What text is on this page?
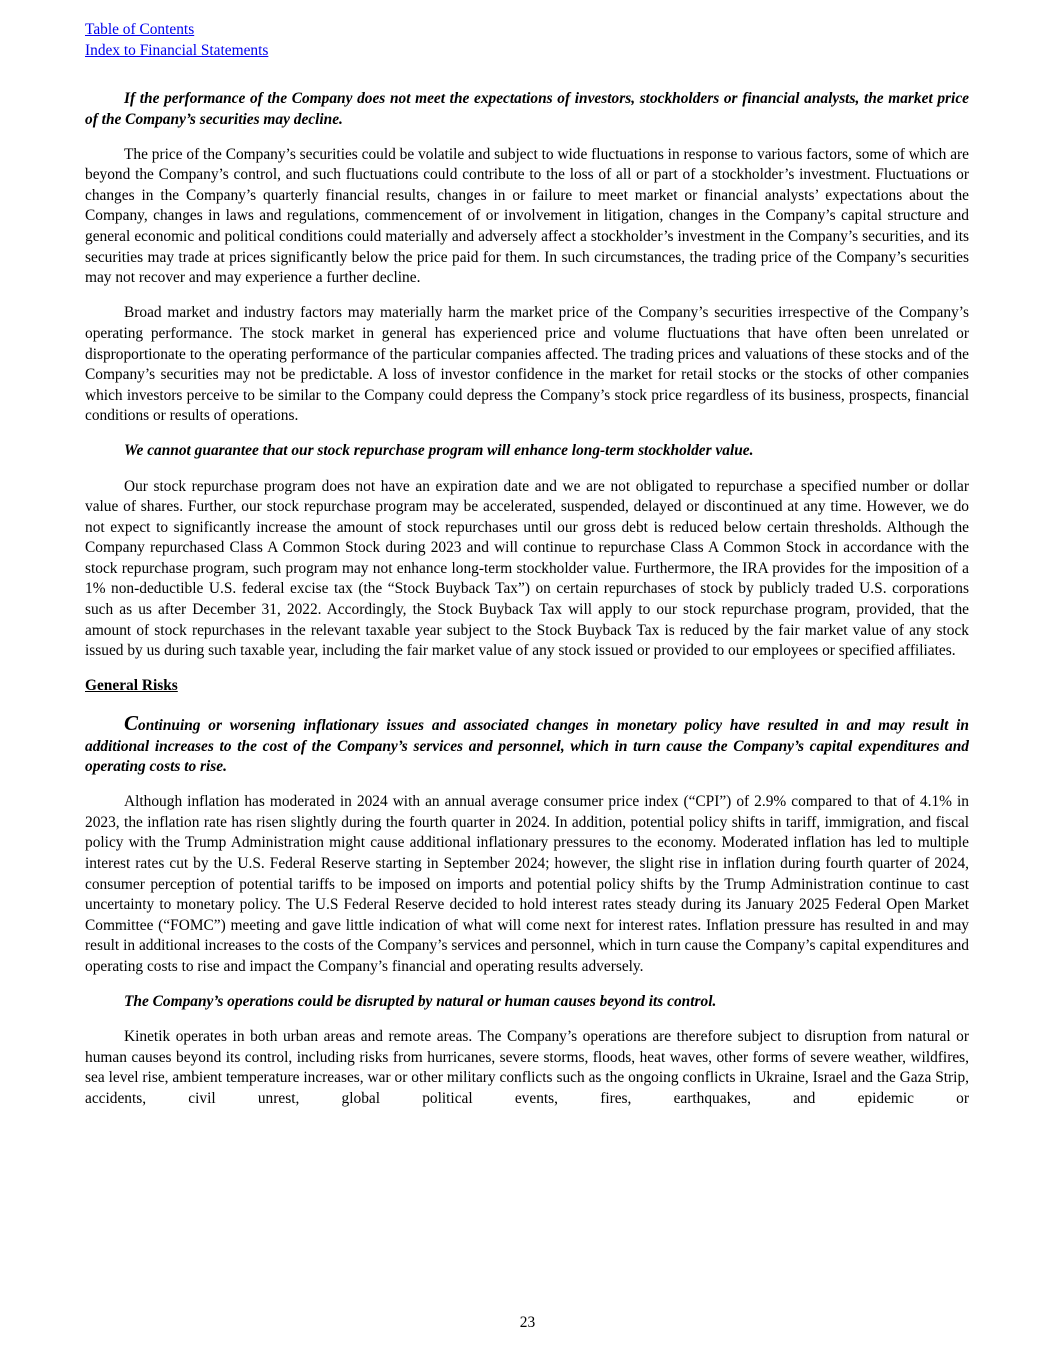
Table of Contents
Index to Financial Statements

If the performance of the Company does not meet the expectations of investors, stockholders or financial analysts, the market price of the Company’s securities may decline.

The price of the Company’s securities could be volatile and subject to wide fluctuations in response to various factors, some of which are beyond the Company’s control, and such fluctuations could contribute to the loss of all or part of a stockholder’s investment. Fluctuations or changes in the Company’s quarterly financial results, changes in or failure to meet market or financial analysts’ expectations about the Company, changes in laws and regulations, commencement of or involvement in litigation, changes in the Company’s capital structure and general economic and political conditions could materially and adversely affect a stockholder’s investment in the Company’s securities, and its securities may trade at prices significantly below the price paid for them. In such circumstances, the trading price of the Company’s securities may not recover and may experience a further decline.

Broad market and industry factors may materially harm the market price of the Company’s securities irrespective of the Company’s operating performance. The stock market in general has experienced price and volume fluctuations that have often been unrelated or disproportionate to the operating performance of the particular companies affected. The trading prices and valuations of these stocks and of the Company’s securities may not be predictable. A loss of investor confidence in the market for retail stocks or the stocks of other companies which investors perceive to be similar to the Company could depress the Company’s stock price regardless of its business, prospects, financial conditions or results of operations.

We cannot guarantee that our stock repurchase program will enhance long-term stockholder value.

Our stock repurchase program does not have an expiration date and we are not obligated to repurchase a specified number or dollar value of shares. Further, our stock repurchase program may be accelerated, suspended, delayed or discontinued at any time. However, we do not expect to significantly increase the amount of stock repurchases until our gross debt is reduced below certain thresholds. Although the Company repurchased Class A Common Stock during 2023 and will continue to repurchase Class A Common Stock in accordance with the stock repurchase program, such program may not enhance long-term stockholder value. Furthermore, the IRA provides for the imposition of a 1% non-deductible U.S. federal excise tax (the “Stock Buyback Tax”) on certain repurchases of stock by publicly traded U.S. corporations such as us after December 31, 2022. Accordingly, the Stock Buyback Tax will apply to our stock repurchase program, provided, that the amount of stock repurchases in the relevant taxable year subject to the Stock Buyback Tax is reduced by the fair market value of any stock issued by us during such taxable year, including the fair market value of any stock issued or provided to our employees or specified affiliates.

General Risks

Continuing or worsening inflationary issues and associated changes in monetary policy have resulted in and may result in additional increases to the cost of the Company’s services and personnel, which in turn cause the Company’s capital expenditures and operating costs to rise.

Although inflation has moderated in 2024 with an annual average consumer price index (“CPI”) of 2.9% compared to that of 4.1% in 2023, the inflation rate has risen slightly during the fourth quarter in 2024. In addition, potential policy shifts in tariff, immigration, and fiscal policy with the Trump Administration might cause additional inflationary pressures to the economy. Moderated inflation has led to multiple interest rates cut by the U.S. Federal Reserve starting in September 2024; however, the slight rise in inflation during fourth quarter of 2024, consumer perception of potential tariffs to be imposed on imports and potential policy shifts by the Trump Administration continue to cast uncertainty to monetary policy. The U.S Federal Reserve decided to hold interest rates steady during its January 2025 Federal Open Market Committee (“FOMC”) meeting and gave little indication of what will come next for interest rates. Inflation pressure has resulted in and may result in additional increases to the costs of the Company’s services and personnel, which in turn cause the Company’s capital expenditures and operating costs to rise and impact the Company’s financial and operating results adversely.

The Company’s operations could be disrupted by natural or human causes beyond its control.

Kinetik operates in both urban areas and remote areas. The Company’s operations are therefore subject to disruption from natural or human causes beyond its control, including risks from hurricanes, severe storms, floods, heat waves, other forms of severe weather, wildfires, sea level rise, ambient temperature increases, war or other military conflicts such as the ongoing conflicts in Ukraine, Israel and the Gaza Strip, accidents, civil unrest, global political events, fires, earthquakes, and epidemic or

23
